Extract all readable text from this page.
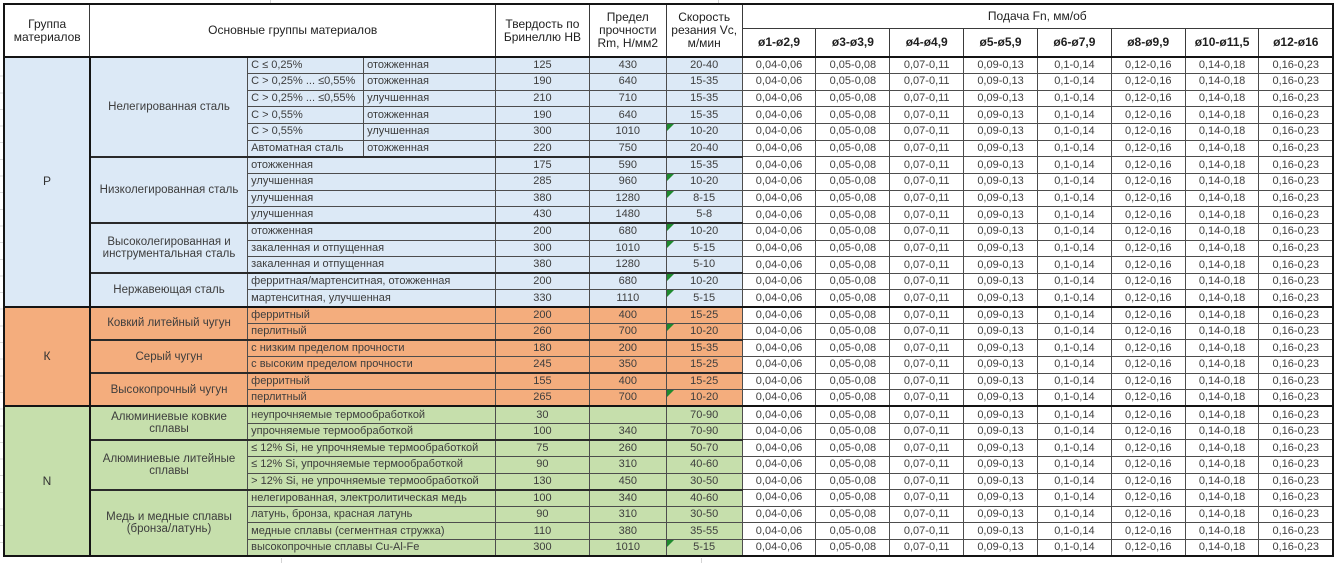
Группа материалов	Основные группы материалов			Твердость по Бринеллю HB	Предел прочности Rm, Н/мм2	Скорость резания Vc, м/мин	Подача Fn, мм/об							
							ø1-ø2,9	ø3-ø3,9	ø4-ø4,9	ø5-ø5,9	ø6-ø7,9	ø8-ø9,9	ø10-ø11,5	ø12-ø16
P	Нелегированная сталь	C ≤ 0,25%	отожженная	125	430	20-40	0,04-0,06	0,05-0,08	0,07-0,11	0,09-0,13	0,1-0,14	0,12-0,16	0,14-0,18	0,16-0,23
		C > 0,25% ... ≤0,55%	отожженная	190	640	15-35	0,04-0,06	0,05-0,08	0,07-0,11	0,09-0,13	0,1-0,14	0,12-0,16	0,14-0,18	0,16-0,23
		C > 0,25% ... ≤0,55%	улучшенная	210	710	15-35	0,04-0,06	0,05-0,08	0,07-0,11	0,09-0,13	0,1-0,14	0,12-0,16	0,14-0,18	0,16-0,23
		C > 0,55%	отожженная	190	640	15-35	0,04-0,06	0,05-0,08	0,07-0,11	0,09-0,13	0,1-0,14	0,12-0,16	0,14-0,18	0,16-0,23
		C > 0,55%	улучшенная	300	1010	10-20	0,04-0,06	0,05-0,08	0,07-0,11	0,09-0,13	0,1-0,14	0,12-0,16	0,14-0,18	0,16-0,23
		Автоматная сталь	отожженная	220	750	20-40	0,04-0,06	0,05-0,08	0,07-0,11	0,09-0,13	0,1-0,14	0,12-0,16	0,14-0,18	0,16-0,23
	Низколегированная сталь	отожженная		175	590	15-35	0,04-0,06	0,05-0,08	0,07-0,11	0,09-0,13	0,1-0,14	0,12-0,16	0,14-0,18	0,16-0,23
		улучшенная		285	960	10-20	0,04-0,06	0,05-0,08	0,07-0,11	0,09-0,13	0,1-0,14	0,12-0,16	0,14-0,18	0,16-0,23
		улучшенная		380	1280	8-15	0,04-0,06	0,05-0,08	0,07-0,11	0,09-0,13	0,1-0,14	0,12-0,16	0,14-0,18	0,16-0,23
		улучшенная		430	1480	5-8	0,04-0,06	0,05-0,08	0,07-0,11	0,09-0,13	0,1-0,14	0,12-0,16	0,14-0,18	0,16-0,23
	Высоколегированная и инструментальная сталь	отожженная		200	680	10-20	0,04-0,06	0,05-0,08	0,07-0,11	0,09-0,13	0,1-0,14	0,12-0,16	0,14-0,18	0,16-0,23
		закаленная и отпущенная		300	1010	5-15	0,04-0,06	0,05-0,08	0,07-0,11	0,09-0,13	0,1-0,14	0,12-0,16	0,14-0,18	0,16-0,23
		закаленная и отпущенная		380	1280	5-10	0,04-0,06	0,05-0,08	0,07-0,11	0,09-0,13	0,1-0,14	0,12-0,16	0,14-0,18	0,16-0,23
	Нержавеющая сталь	ферритная/мартенситная, отожженная		200	680	10-20	0,04-0,06	0,05-0,08	0,07-0,11	0,09-0,13	0,1-0,14	0,12-0,16	0,14-0,18	0,16-0,23
		мартенситная, улучшенная		330	1110	5-15	0,04-0,06	0,05-0,08	0,07-0,11	0,09-0,13	0,1-0,14	0,12-0,16	0,14-0,18	0,16-0,23
К	Ковкий литейный чугун	ферритный		200	400	15-25	0,04-0,06	0,05-0,08	0,07-0,11	0,09-0,13	0,1-0,14	0,12-0,16	0,14-0,18	0,16-0,23
		перлитный		260	700	10-20	0,04-0,06	0,05-0,08	0,07-0,11	0,09-0,13	0,1-0,14	0,12-0,16	0,14-0,18	0,16-0,23
	Серый чугун	с низким пределом прочности		180	200	15-35	0,04-0,06	0,05-0,08	0,07-0,11	0,09-0,13	0,1-0,14	0,12-0,16	0,14-0,18	0,16-0,23
		с высоким пределом прочности		245	350	15-25	0,04-0,06	0,05-0,08	0,07-0,11	0,09-0,13	0,1-0,14	0,12-0,16	0,14-0,18	0,16-0,23
	Высокопрочный чугун	ферритный		155	400	15-25	0,04-0,06	0,05-0,08	0,07-0,11	0,09-0,13	0,1-0,14	0,12-0,16	0,14-0,18	0,16-0,23
		перлитный		265	700	10-20	0,04-0,06	0,05-0,08	0,07-0,11	0,09-0,13	0,1-0,14	0,12-0,16	0,14-0,18	0,16-0,23
N	Алюминиевые ковкие сплавы	неупрочняемые термообработкой		30		70-90	0,04-0,06	0,05-0,08	0,07-0,11	0,09-0,13	0,1-0,14	0,12-0,16	0,14-0,18	0,16-0,23
		упрочняемые термообработкой		100	340	70-90	0,04-0,06	0,05-0,08	0,07-0,11	0,09-0,13	0,1-0,14	0,12-0,16	0,14-0,18	0,16-0,23
	Алюминиевые литейные сплавы	≤ 12% Si, не упрочняемые термообработкой		75	260	50-70	0,04-0,06	0,05-0,08	0,07-0,11	0,09-0,13	0,1-0,14	0,12-0,16	0,14-0,18	0,16-0,23
		≤ 12% Si, упрочняемые термообработкой		90	310	40-60	0,04-0,06	0,05-0,08	0,07-0,11	0,09-0,13	0,1-0,14	0,12-0,16	0,14-0,18	0,16-0,23
		> 12% Si, не упрочняемые термообработкой		130	450	30-50	0,04-0,06	0,05-0,08	0,07-0,11	0,09-0,13	0,1-0,14	0,12-0,16	0,14-0,18	0,16-0,23
	Медь и медные сплавы (бронза/латунь)	нелегированная, электролитическая медь		100	340	40-60	0,04-0,06	0,05-0,08	0,07-0,11	0,09-0,13	0,1-0,14	0,12-0,16	0,14-0,18	0,16-0,23
		латунь, бронза, красная латунь		90	310	30-50	0,04-0,06	0,05-0,08	0,07-0,11	0,09-0,13	0,1-0,14	0,12-0,16	0,14-0,18	0,16-0,23
		медные сплавы (сегментная стружка)		110	380	35-55	0,04-0,06	0,05-0,08	0,07-0,11	0,09-0,13	0,1-0,14	0,12-0,16	0,14-0,18	0,16-0,23
		высокопрочные сплавы Cu-Al-Fe		300	1010	5-15	0,04-0,06	0,05-0,08	0,07-0,11	0,09-0,13	0,1-0,14	0,12-0,16	0,14-0,18	0,16-0,23
